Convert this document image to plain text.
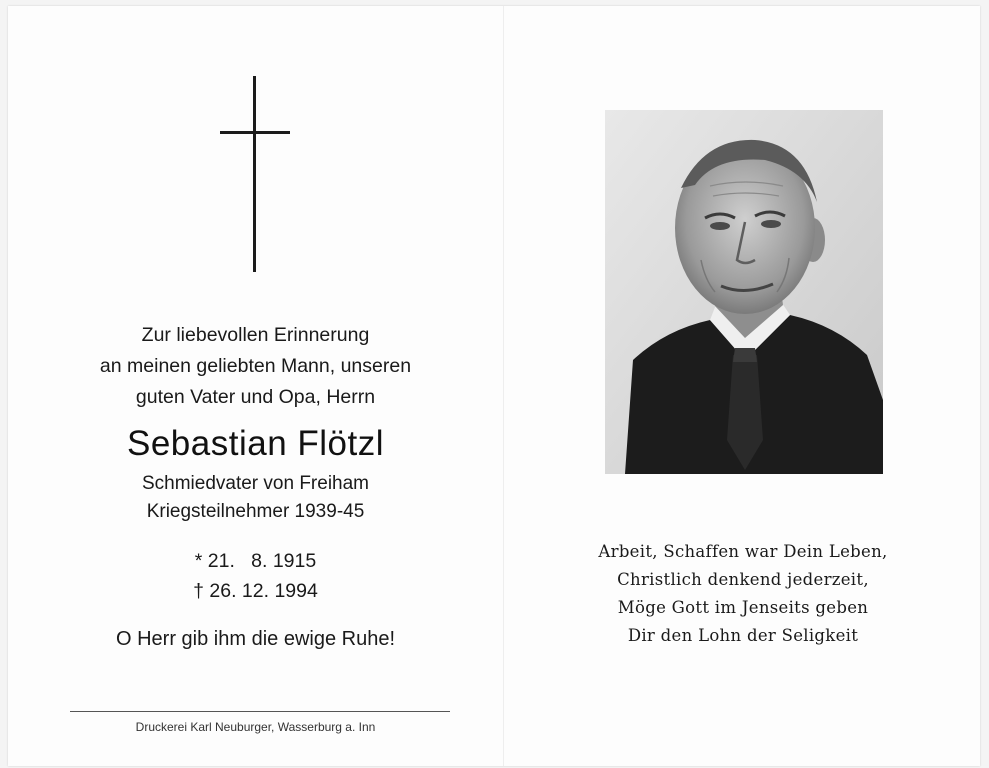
Zur liebevollen Erinnerung
an meinen geliebten Mann, unseren
guten Vater und Opa, Herrn
Sebastian Flötzl
Schmiedvater von Freiham
Kriegsteilnehmer 1939-45
* 21.   8. 1915
† 26. 12. 1994
O Herr gib ihm die ewige Ruhe!
Druckerei Karl Neuburger, Wasserburg a. Inn
Arbeit, Schaffen war Dein Leben,
Christlich denkend jederzeit,
Möge Gott im Jenseits geben
Dir den Lohn der Seligkeit
